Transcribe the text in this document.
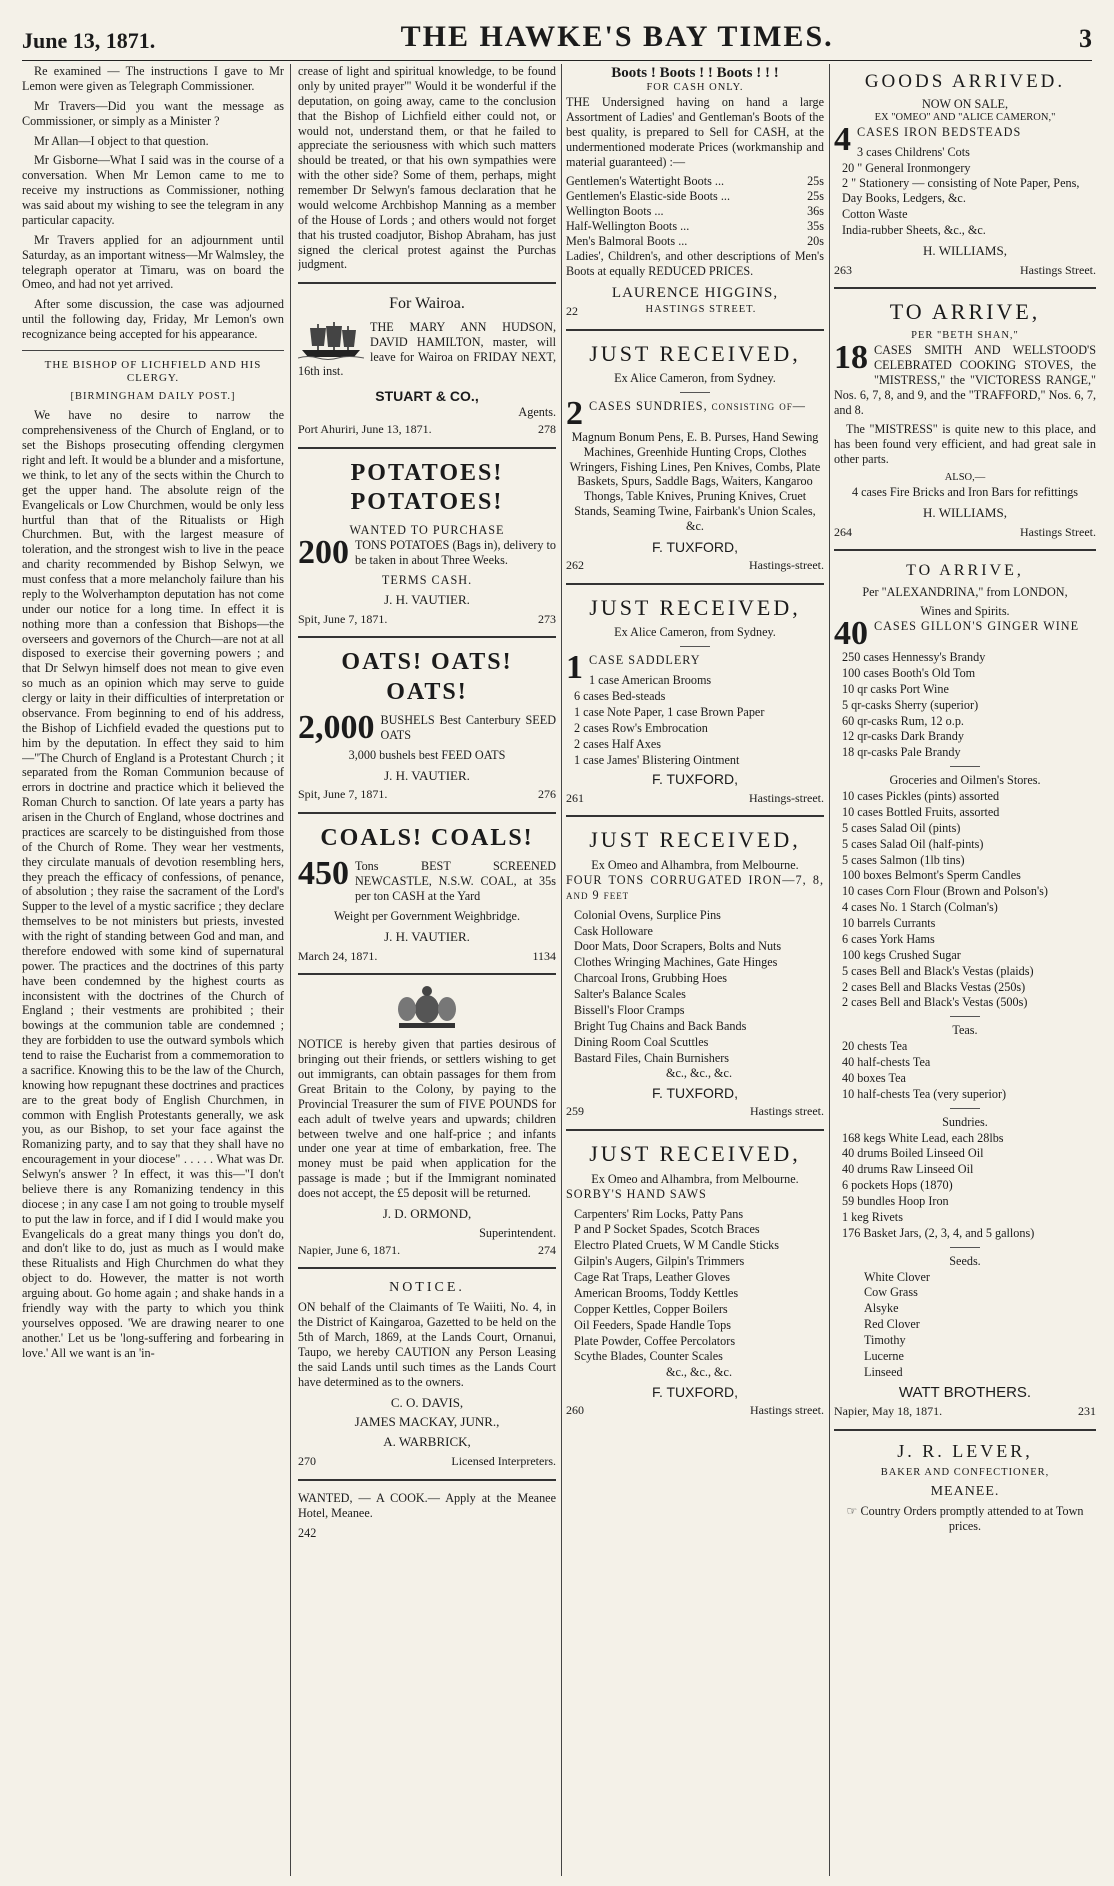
June 13, 1871.	THE HAWKE'S BAY TIMES.	3

Re examined — The instructions I gave to Mr Lemon were given as Telegraph Commissioner.

Mr Travers—Did you want the message as Commissioner, or simply as a Minister ?

Mr Allan—I object to that question.

Mr Gisborne—What I said was in the course of a conversation. When Mr Lemon came to me to receive my instructions as Commissioner, nothing was said about my wishing to see the telegram in any particular capacity.

Mr Travers applied for an adjournment until Saturday, as an important witness—Mr Walmsley, the telegraph operator at Timaru, was on board the Omeo, and had not yet arrived.

After some discussion, the case was adjourned until the following day, Friday, Mr Lemon's own recognizance being accepted for his appearance.

THE BISHOP OF LICHFIELD AND HIS CLERGY.

[BIRMINGHAM DAILY POST.]

We have no desire to narrow the comprehensiveness of the Church of England, or to set the Bishops prosecuting offending clergymen right and left. It would be a blunder and a misfortune, we think, to let any of the sects within the Church to get the upper hand. The absolute reign of the Evangelicals or Low Churchmen, would be only less hurtful than that of the Ritualists or High Churchmen. But, with the largest measure of toleration, and the strongest wish to live in the peace and charity recommended by Bishop Selwyn, we must confess that a more melancholy failure than his reply to the Wolverhampton deputation has not come under our notice for a long time. In effect it is nothing more than a confession that Bishops—the overseers and governors of the Church—are not at all disposed to exercise their governing powers ; and that Dr Selwyn himself does not mean to give even so much as an opinion which may serve to guide clergy or laity in their difficulties of interpretation or observance. From beginning to end of his address, the Bishop of Lichfield evaded the questions put to him by the deputation. In effect they said to him—"The Church of England is a Protestant Church ; it separated from the Roman Communion because of errors in doctrine and practice which it believed the Roman Church to sanction. Of late years a party has arisen in the Church of England, whose doctrines and practices are scarcely to be distinguished from those of the Church of Rome. They wear her vestments, they circulate manuals of devotion resembling hers, they preach the efficacy of confessions, of penance, of absolution ; they raise the sacrament of the Lord's Supper to the level of a mystic sacrifice ; they declare themselves to be not ministers but priests, invested with the right of standing between God and man, and therefore endowed with some kind of supernatural power. The practices and the doctrines of this party have been condemned by the highest courts as inconsistent with the doctrines of the Church of England ; their vestments are prohibited ; their bowings at the communion table are condemned ; they are forbidden to use the outward symbols which tend to raise the Eucharist from a commemoration to a sacrifice. Knowing this to be the law of the Church, knowing how repugnant these doctrines and practices are to the great body of English Churchmen, in common with English Protestants generally, we ask you, as our Bishop, to set your face against the Romanizing party, and to say that they shall have no encouragement in your diocese" . . . . . What was Dr. Selwyn's answer ? In effect, it was this—"I don't believe there is any Romanizing tendency in this diocese ; in any case I am not going to trouble myself to put the law in force, and if I did I would make you Evangelicals do a great many things you don't do, and don't like to do, just as much as I would make these Ritualists and High Churchmen do what they object to do. However, the matter is not worth arguing about. Go home again ; and shake hands in a friendly way with the party to which you think yourselves opposed. 'We are drawing nearer to one another.' Let us be 'long-suffering and forbearing in love.' All we want is an 'in-

crease of light and spiritual knowledge, to be found only by united prayer'" Would it be wonderful if the deputation, on going away, came to the conclusion that the Bishop of Lichfield either could not, or would not, understand them, or that he failed to appreciate the seriousness with which such matters should be treated, or that his own sympathies were with the other side? Some of them, perhaps, might remember Dr Selwyn's famous declaration that he would welcome Archbishop Manning as a member of the House of Lords ; and others would not forget that his trusted coadjutor, Bishop Abraham, has just signed the clerical protest against the Purchas judgment.

For Wairoa.

THE MARY ANN HUDSON, DAVID HAMILTON, master, will leave for Wairoa on FRIDAY NEXT, 16th inst.

STUART & CO.,
Agents.
Port Ahuriri, June 13, 1871.	278
POTATOES! POTATOES!
WANTED TO PURCHASE

200 TONS POTATOES (Bags in), delivery to be taken in about Three Weeks.

TERMS CASH.
J. H. VAUTIER.
Spit, June 7, 1871.	273
OATS! OATS! OATS!

2,000 BUSHELS Best Canterbury SEED OATS

3,000 bushels best FEED OATS

J. H. VAUTIER.
Spit, June 7, 1871.	276
COALS! COALS!

450 Tons BEST SCREENED NEWCASTLE, N.S.W. COAL, at 35s per ton CASH at the Yard

Weight per Government Weighbridge.

J. H. VAUTIER.
March 24, 1871.	1134

NOTICE is hereby given that parties desirous of bringing out their friends, or settlers wishing to get out immigrants, can obtain passages for them from Great Britain to the Colony, by paying to the Provincial Treasurer the sum of FIVE POUNDS for each adult of twelve years and upwards; children between twelve and one half-price ; and infants under one year at time of embarkation, free. The money must be paid when application for the passage is made ; but if the Immigrant nominated does not accept, the £5 deposit will be returned.

J. D. ORMOND,
Superintendent.
Napier, June 6, 1871.	274
NOTICE.

ON behalf of the Claimants of Te Waiiti, No. 4, in the District of Kaingaroa, Gazetted to be held on the 5th of March, 1869, at the Lands Court, Ornanui, Taupo, we hereby CAUTION any Person Leasing the said Lands until such times as the Lands Court have determined as to the owners.

C. O. DAVIS,
JAMES MACKAY, JUNR.,
A. WARBRICK,
270	Licensed Interpreters.

WANTED, — A COOK.— Apply at the Meanee Hotel, Meanee.

242
Boots ! Boots ! ! Boots ! ! !
FOR CASH ONLY.

THE Undersigned having on hand a large Assortment of Ladies' and Gentleman's Boots of the best quality, is prepared to Sell for CASH, at the undermentioned moderate Prices (workmanship and material guaranteed) :—

Gentlemen's Watertight Boots ...	25s
Gentlemen's Elastic-side Boots ...	25s
Wellington Boots ...	36s
Half-Wellington Boots ...	35s
Men's Balmoral Boots ...	20s

Ladies', Children's, and other descriptions of Men's Boots at equally REDUCED PRICES.

LAURENCE HIGGINS,
22	HASTINGS STREET.
JUST RECEIVED,
Ex Alice Cameron, from Sydney.

2 CASES SUNDRIES, consisting of—

Magnum Bonum Pens, E. B. Purses, Hand Sewing Machines, Greenhide Hunting Crops, Clothes Wringers, Fishing Lines, Pen Knives, Combs, Plate Baskets, Spurs, Saddle Bags, Waiters, Kangaroo Thongs, Table Knives, Pruning Knives, Cruet Stands, Seaming Twine, Fairbank's Union Scales, &c.

F. TUXFORD,
262	Hastings-street.
JUST RECEIVED,
Ex Alice Cameron, from Sydney.

1 CASE SADDLERY

1 case American Brooms
6 cases Bed-steads
1 case Note Paper, 1 case Brown Paper
2 cases Row's Embrocation
2 cases Half Axes
1 case James' Blistering Ointment
F. TUXFORD,
261	Hastings-street.
JUST RECEIVED,
Ex Omeo and Alhambra, from Melbourne.

FOUR TONS CORRUGATED IRON—7, 8, and 9 feet

Colonial Ovens, Surplice Pins
Cask Holloware
Door Mats, Door Scrapers, Bolts and Nuts
Clothes Wringing Machines, Gate Hinges
Charcoal Irons, Grubbing Hoes
Salter's Balance Scales
Bissell's Floor Cramps
Bright Tug Chains and Back Bands
Dining Room Coal Scuttles
Bastard Files, Chain Burnishers
&c., &c., &c.
F. TUXFORD,
259	Hastings street.
JUST RECEIVED,
Ex Omeo and Alhambra, from Melbourne.

SORBY'S HAND SAWS

Carpenters' Rim Locks, Patty Pans
P and P Socket Spades, Scotch Braces
Electro Plated Cruets, W M Candle Sticks
Gilpin's Augers, Gilpin's Trimmers
Cage Rat Traps, Leather Gloves
American Brooms, Toddy Kettles
Copper Kettles, Copper Boilers
Oil Feeders, Spade Handle Tops
Plate Powder, Coffee Percolators
Scythe Blades, Counter Scales
&c., &c., &c.
F. TUXFORD,
260	Hastings street.
GOODS ARRIVED.
NOW ON SALE,
EX "OMEO" AND "ALICE CAMERON,"

4 CASES IRON BEDSTEADS

3 cases Childrens' Cots
20 " General Ironmongery
2 " Stationery — consisting of Note Paper, Pens, Day Books, Ledgers, &c.
Cotton Waste
India-rubber Sheets, &c., &c.
H. WILLIAMS,
263	Hastings Street.
TO ARRIVE,
PER "BETH SHAN,"

18 CASES SMITH AND WELLSTOOD'S CELEBRATED COOKING STOVES, the "MISTRESS," the "VICTORESS RANGE," Nos. 6, 7, 8, and 9, and the "TRAFFORD," Nos. 6, 7, and 8.

The "MISTRESS" is quite new to this place, and has been found very efficient, and had great sale in other parts.

ALSO,—

4 cases Fire Bricks and Iron Bars for refittings

H. WILLIAMS,
264	Hastings Street.
TO ARRIVE,
Per "ALEXANDRINA," from LONDON,
Wines and Spirits.

40 CASES GILLON'S GINGER WINE

250 cases Hennessy's Brandy
100 cases Booth's Old Tom
10 qr casks Port Wine
5 qr-casks Sherry (superior)
60 qr-casks Rum, 12 o.p.
12 qr-casks Dark Brandy
18 qr-casks Pale Brandy
Groceries and Oilmen's Stores.
10 cases Pickles (pints) assorted
10 cases Bottled Fruits, assorted
5 cases Salad Oil (pints)
5 cases Salad Oil (half-pints)
5 cases Salmon (1lb tins)
100 boxes Belmont's Sperm Candles
10 cases Corn Flour (Brown and Polson's)
4 cases No. 1 Starch (Colman's)
10 barrels Currants
6 cases York Hams
100 kegs Crushed Sugar
5 cases Bell and Black's Vestas (plaids)
2 cases Bell and Blacks Vestas (250s)
2 cases Bell and Black's Vestas (500s)
Teas.
20 chests Tea
40 half-chests Tea
40 boxes Tea
10 half-chests Tea (very superior)
Sundries.
168 kegs White Lead, each 28lbs
40 drums Boiled Linseed Oil
40 drums Raw Linseed Oil
6 pockets Hops (1870)
59 bundles Hoop Iron
1 keg Rivets
176 Basket Jars, (2, 3, 4, and 5 gallons)
Seeds.
White Clover
Cow Grass
Alsyke
Red Clover
Timothy
Lucerne
Linseed
WATT BROTHERS.
Napier, May 18, 1871.	231
J. R. LEVER,
BAKER AND CONFECTIONER,
MEANEE.
☞ Country Orders promptly attended to at Town prices.
